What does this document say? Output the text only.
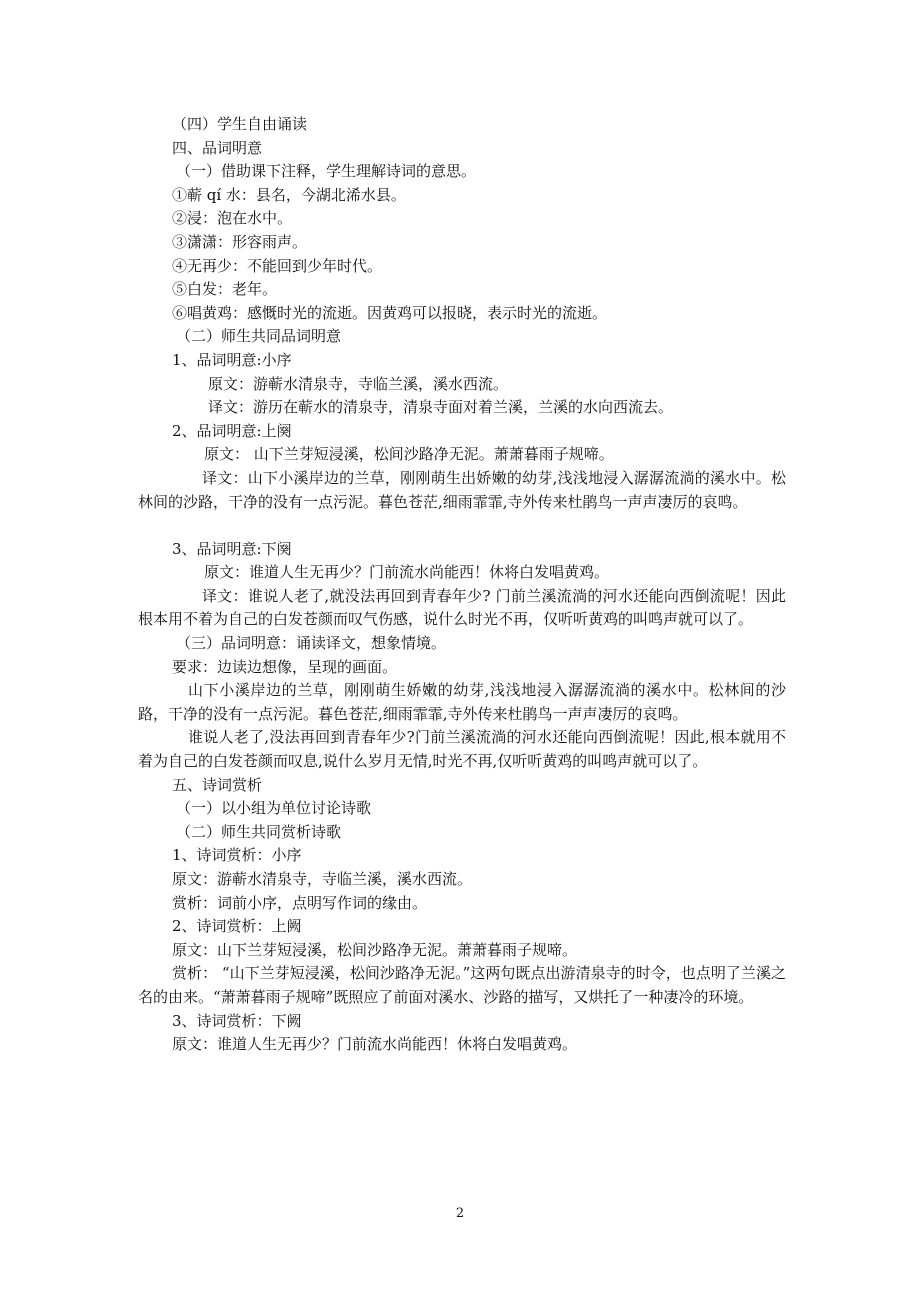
（四）学生自由诵读
四、品词明意
（一）借助课下注释，学生理解诗词的意思。
①蕲 qí 水：县名，今湖北浠水县。
②浸：泡在水中。
③潇潇：形容雨声。
④无再少：不能回到少年时代。
⑤白发：老年。
⑥唱黄鸡：感慨时光的流逝。因黄鸡可以报晓，表示时光的流逝。
（二）师生共同品词明意
1、品词明意:小序
原文：游蕲水清泉寺，寺临兰溪，溪水西流。
译文：游历在蕲水的清泉寺，清泉寺面对着兰溪，兰溪的水向西流去。
2、品词明意:上阕
原文： 山下兰芽短浸溪，松间沙路净无泥。萧萧暮雨子规啼。
译文：山下小溪岸边的兰草，刚刚萌生出娇嫩的幼芽,浅浅地浸入潺潺流淌的溪水中。松林间的沙路，干净的没有一点污泥。暮色苍茫,细雨霏霏,寺外传来杜鹃鸟一声声凄厉的哀鸣。
3、品词明意:下阕
原文：谁道人生无再少？门前流水尚能西！休将白发唱黄鸡。
译文：谁说人老了,就没法再回到青春年少? 门前兰溪流淌的河水还能向西倒流呢！因此根本用不着为自己的白发苍颜而叹气伤感，说什么时光不再，仅听听黄鸡的叫鸣声就可以了。
（三）品词明意：诵读译文，想象情境。
要求：边读边想像，呈现的画面。
山下小溪岸边的兰草，刚刚萌生娇嫩的幼芽,浅浅地浸入潺潺流淌的溪水中。松林间的沙路，干净的没有一点污泥。暮色苍茫,细雨霏霏,寺外传来杜鹃鸟一声声凄厉的哀鸣。
谁说人老了,没法再回到青春年少?门前兰溪流淌的河水还能向西倒流呢！因此,根本就用不着为自己的白发苍颜而叹息,说什么岁月无情,时光不再,仅听听黄鸡的叫鸣声就可以了。
五、诗词赏析
（一）以小组为单位讨论诗歌
（二）师生共同赏析诗歌
1、诗词赏析：小序
原文：游蕲水清泉寺，寺临兰溪，溪水西流。
赏析：词前小序，点明写作词的缘由。
2、诗词赏析：上阙
原文：山下兰芽短浸溪，松间沙路净无泥。萧萧暮雨子规啼。
赏析： “山下兰芽短浸溪，松间沙路净无泥。”这两句既点出游清泉寺的时令，也点明了兰溪之名的由来。“萧萧暮雨子规啼”既照应了前面对溪水、沙路的描写，又烘托了一种凄冷的环境。
3、诗词赏析：下阙
原文：谁道人生无再少？门前流水尚能西！休将白发唱黄鸡。
2
